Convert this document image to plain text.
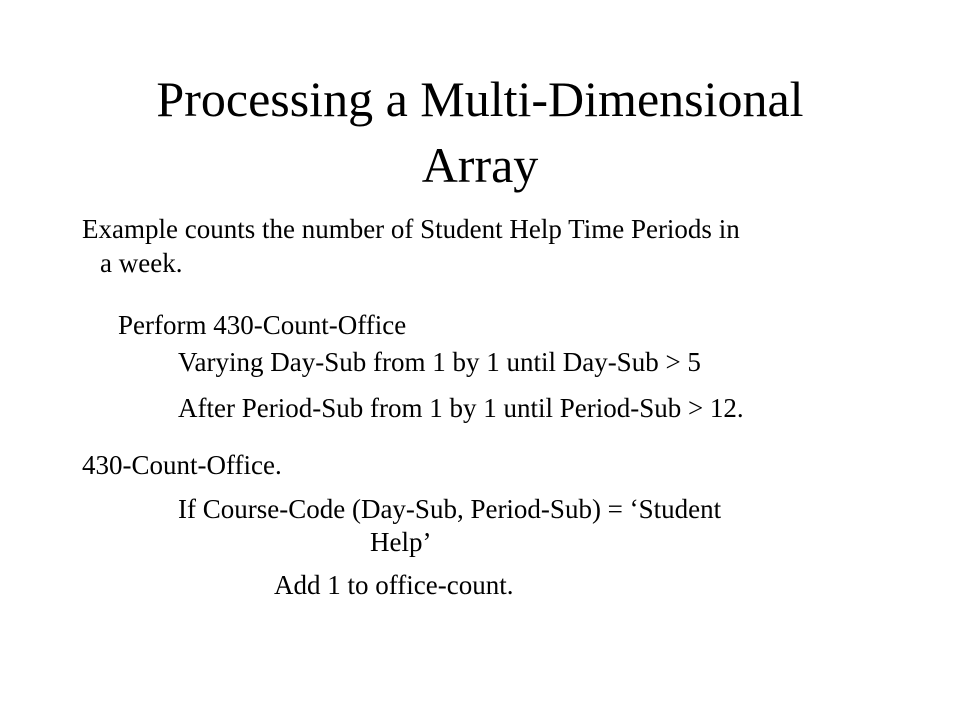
Processing a Multi-Dimensional
Array

Example counts the number of Student Help Time Periods in

a week.

Perform 430-Count-Office

Varying Day-Sub from 1 by 1 until Day-Sub > 5

After Period-Sub from 1 by 1 until Period-Sub > 12.

430-Count-Office.

If Course-Code (Day-Sub, Period-Sub) = ‘Student

Help’

Add 1 to office-count.
